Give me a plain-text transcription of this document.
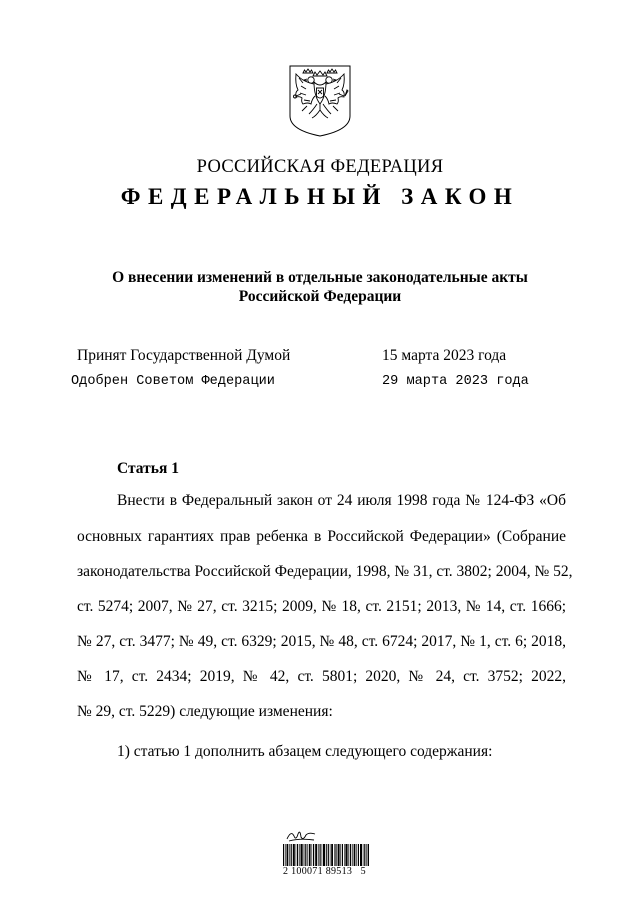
РОССИЙСКАЯ ФЕДЕРАЦИЯ
ФЕДЕРАЛЬНЫЙ ЗАКОН
О внесении изменений в отдельные законодательные акты
Российской Федерации
Принят Государственной Думой	15 марта 2023 года
Одобрен Советом Федерации	29 марта 2023 года
Статья 1
Внести в Федеральный закон от 24 июля 1998 года № 124-ФЗ «Об
основных гарантиях прав ребенка в Российской Федерации» (Собрание
законодательства Российской Федерации, 1998, № 31, ст. 3802; 2004, № 52,
ст. 5274; 2007, № 27, ст. 3215; 2009, № 18, ст. 2151; 2013, № 14, ст. 1666;
№ 27, ст. 3477; № 49, ст. 6329; 2015, № 48, ст. 6724; 2017, № 1, ст. 6; 2018,
№ 17, ст. 2434; 2019, № 42, ст. 5801; 2020, № 24, ст. 3752; 2022,
№ 29, ст. 5229) следующие изменения:
1) статью 1 дополнить абзацем следующего содержания:
2 100071 89513   5
